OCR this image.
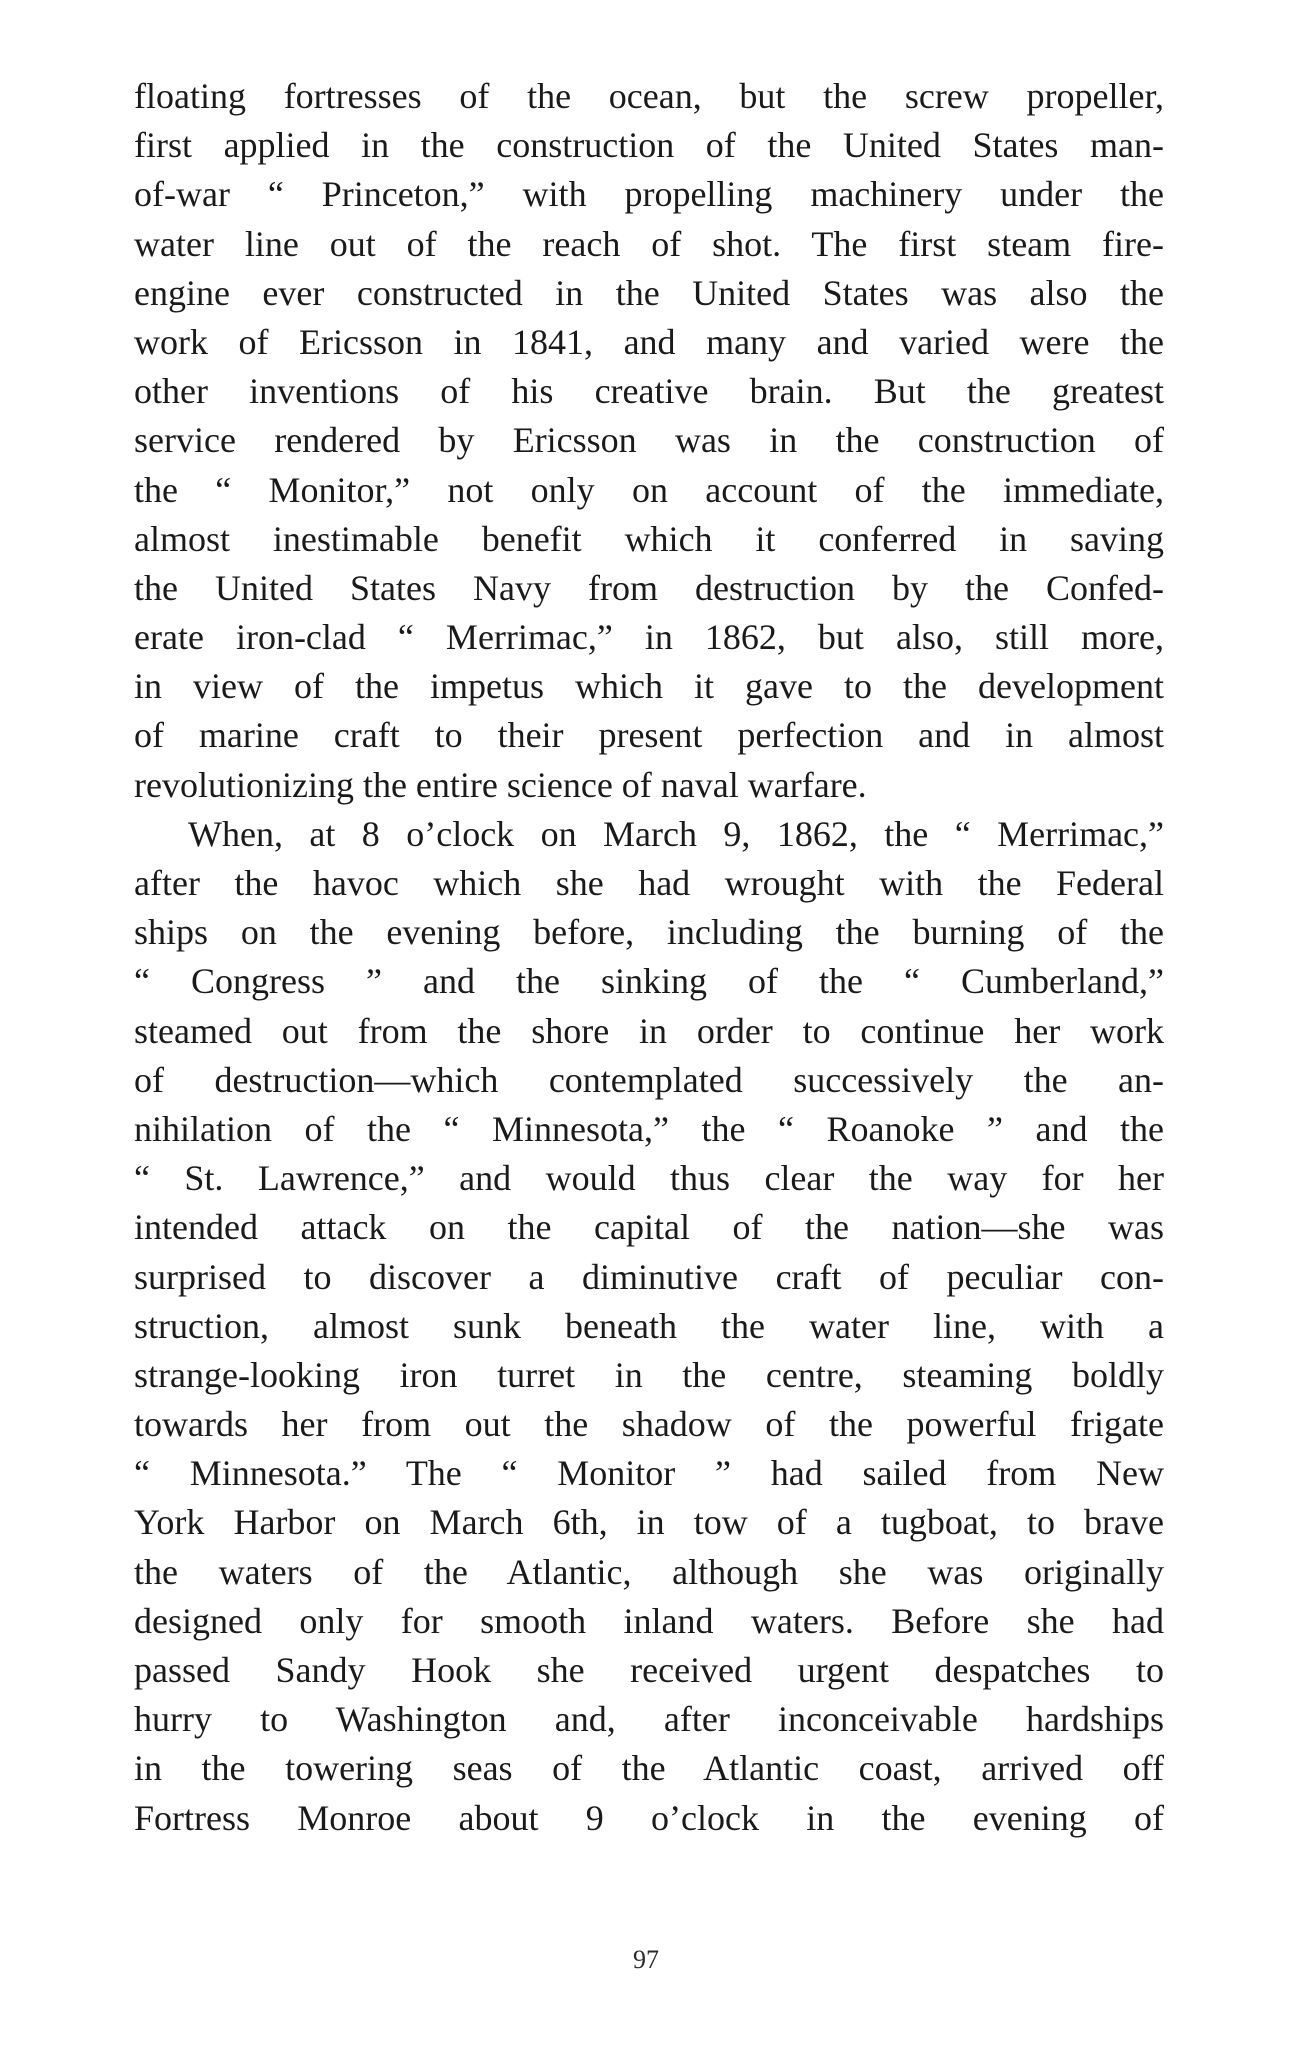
floating fortresses of the ocean, but the screw propeller,
first applied in the construction of the United States man-
of-war “ Princeton,” with propelling machinery under the
water line out of the reach of shot. The first steam fire-
engine ever constructed in the United States was also the
work of Ericsson in 1841, and many and varied were the
other inventions of his creative brain. But the greatest
service rendered by Ericsson was in the construction of
the “ Monitor,” not only on account of the immediate,
almost inestimable benefit which it conferred in saving
the United States Navy from destruction by the Confed-
erate iron-clad “ Merrimac,” in 1862, but also, still more,
in view of the impetus which it gave to the development
of marine craft to their present perfection and in almost
revolutionizing the entire science of naval warfare.
When, at 8 o’clock on March 9, 1862, the “ Merrimac,”
after the havoc which she had wrought with the Federal
ships on the evening before, including the burning of the
“ Congress ” and the sinking of the “ Cumberland,”
steamed out from the shore in order to continue her work
of destruction—which contemplated successively the an-
nihilation of the “ Minnesota,” the “ Roanoke ” and the
“ St. Lawrence,” and would thus clear the way for her
intended attack on the capital of the nation—she was
surprised to discover a diminutive craft of peculiar con-
struction, almost sunk beneath the water line, with a
strange-looking iron turret in the centre, steaming boldly
towards her from out the shadow of the powerful frigate
“ Minnesota.” The “ Monitor ” had sailed from New
York Harbor on March 6th, in tow of a tugboat, to brave
the waters of the Atlantic, although she was originally
designed only for smooth inland waters. Before she had
passed Sandy Hook she received urgent despatches to
hurry to Washington and, after inconceivable hardships
in the towering seas of the Atlantic coast, arrived off
Fortress Monroe about 9 o’clock in the evening of
97
